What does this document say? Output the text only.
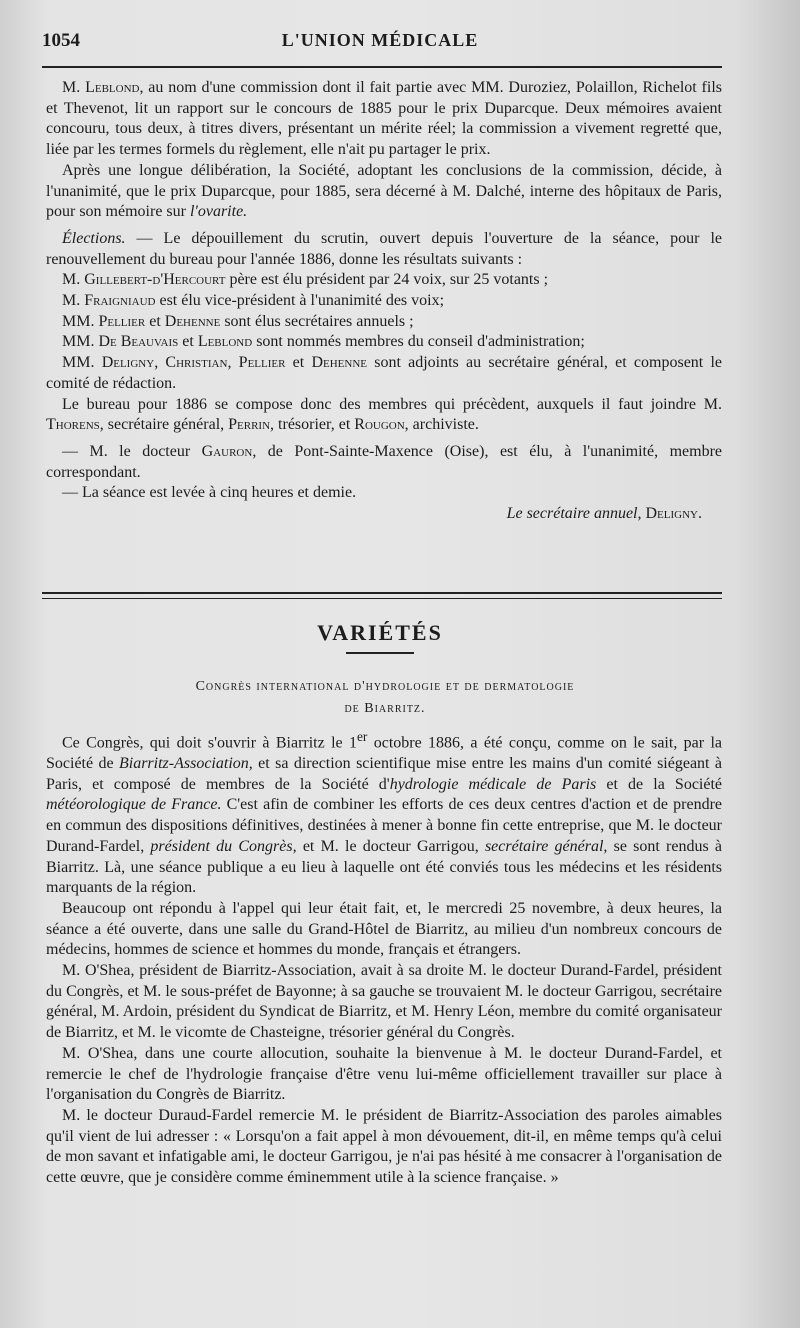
1054	L'UNION MÉDICALE

M. Leblond, au nom d'une commission dont il fait partie avec MM. Duroziez, Polaillon, Richelot fils et Thevenot, lit un rapport sur le concours de 1885 pour le prix Duparcque. Deux mémoires avaient concouru, tous deux, à titres divers, présentant un mérite réel; la commission a vivement regretté que, liée par les termes formels du règlement, elle n'ait pu partager le prix.

Après une longue délibération, la Société, adoptant les conclusions de la commission, décide, à l'unanimité, que le prix Duparcque, pour 1885, sera décerné à M. Dalché, interne des hôpitaux de Paris, pour son mémoire sur l'ovarite.

Élections. — Le dépouillement du scrutin, ouvert depuis l'ouverture de la séance, pour le renouvellement du bureau pour l'année 1886, donne les résultats suivants :

M. Gillebert-d'Hercourt père est élu président par 24 voix, sur 25 votants ;

M. Fraigniaud est élu vice-président à l'unanimité des voix;

MM. Pellier et Dehenne sont élus secrétaires annuels ;

MM. De Beauvais et Leblond sont nommés membres du conseil d'administration;

MM. Deligny, Christian, Pellier et Dehenne sont adjoints au secrétaire général, et composent le comité de rédaction.

Le bureau pour 1886 se compose donc des membres qui précèdent, auxquels il faut joindre M. Thorens, secrétaire général, Perrin, trésorier, et Rougon, archiviste.

— M. le docteur Gauron, de Pont-Sainte-Maxence (Oise), est élu, à l'unanimité, membre correspondant.

— La séance est levée à cinq heures et demie.

Le secrétaire annuel, Deligny.
VARIÉTÉS
Congrès international d'hydrologie et de dermatologie
de Biarritz.

Ce Congrès, qui doit s'ouvrir à Biarritz le 1er octobre 1886, a été conçu, comme on le sait, par la Société de Biarritz-Association, et sa direction scientifique mise entre les mains d'un comité siégeant à Paris, et composé de membres de la Société d'hydrologie médicale de Paris et de la Société météorologique de France. C'est afin de combiner les efforts de ces deux centres d'action et de prendre en commun des dispositions définitives, destinées à mener à bonne fin cette entreprise, que M. le docteur Durand-Fardel, président du Congrès, et M. le docteur Garrigou, secrétaire général, se sont rendus à Biarritz. Là, une séance publique a eu lieu à laquelle ont été conviés tous les médecins et les résidents marquants de la région.

Beaucoup ont répondu à l'appel qui leur était fait, et, le mercredi 25 novembre, à deux heures, la séance a été ouverte, dans une salle du Grand-Hôtel de Biarritz, au milieu d'un nombreux concours de médecins, hommes de science et hommes du monde, français et étrangers.

M. O'Shea, président de Biarritz-Association, avait à sa droite M. le docteur Durand-Fardel, président du Congrès, et M. le sous-préfet de Bayonne; à sa gauche se trouvaient M. le docteur Garrigou, secrétaire général, M. Ardoin, président du Syndicat de Biarritz, et M. Henry Léon, membre du comité organisateur de Biarritz, et M. le vicomte de Chasteigne, trésorier général du Congrès.

M. O'Shea, dans une courte allocution, souhaite la bienvenue à M. le docteur Durand-Fardel, et remercie le chef de l'hydrologie française d'être venu lui-même officiellement travailler sur place à l'organisation du Congrès de Biarritz.

M. le docteur Duraud-Fardel remercie M. le président de Biarritz-Association des paroles aimables qu'il vient de lui adresser : « Lorsqu'on a fait appel à mon dévouement, dit-il, en même temps qu'à celui de mon savant et infatigable ami, le docteur Garrigou, je n'ai pas hésité à me consacrer à l'organisation de cette œuvre, que je considère comme éminemment utile à la science française. »
